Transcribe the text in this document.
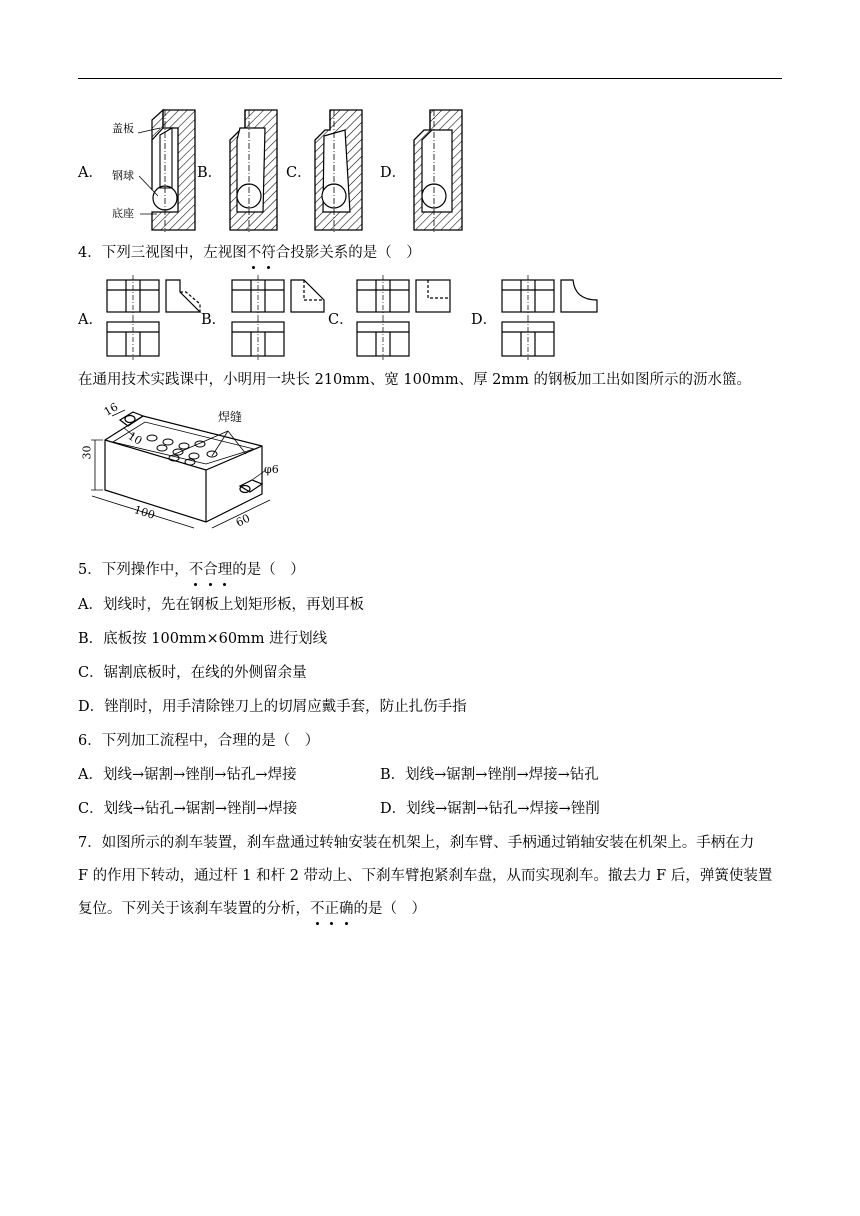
A．	B．	C．	D．
盖板
钢球
底座
4．下列三视图中，左视图不符合投影关系的是（　）
A．	B．	C．	D．
在通用技术实践课中，小明用一块长 210mm、宽 100mm、厚 2mm 的钢板加工出如图所示的沥水篮。
焊缝
16
10
30
φ6
100	60
5．下列操作中，不合理的是（　）
A．划线时，先在钢板上划矩形板，再划耳板
B．底板按 100mm×60mm 进行划线
C．锯割底板时，在线的外侧留余量
D．锉削时，用手清除锉刀上的切屑应戴手套，防止扎伤手指
6．下列加工流程中，合理的是（　）
A．划线→锯割→锉削→钻孔→焊接	B．划线→锯割→锉削→焊接→钻孔
C．划线→钻孔→锯割→锉削→焊接	D．划线→锯割→钻孔→焊接→锉削
7．如图所示的刹车装置，刹车盘通过转轴安装在机架上，刹车臂、手柄通过销轴安装在机架上。手柄在力
F 的作用下转动，通过杆 1 和杆 2 带动上、下刹车臂抱紧刹车盘，从而实现刹车。撤去力 F 后，弹簧使装置
复位。下列关于该刹车装置的分析，不正确的是（　）
